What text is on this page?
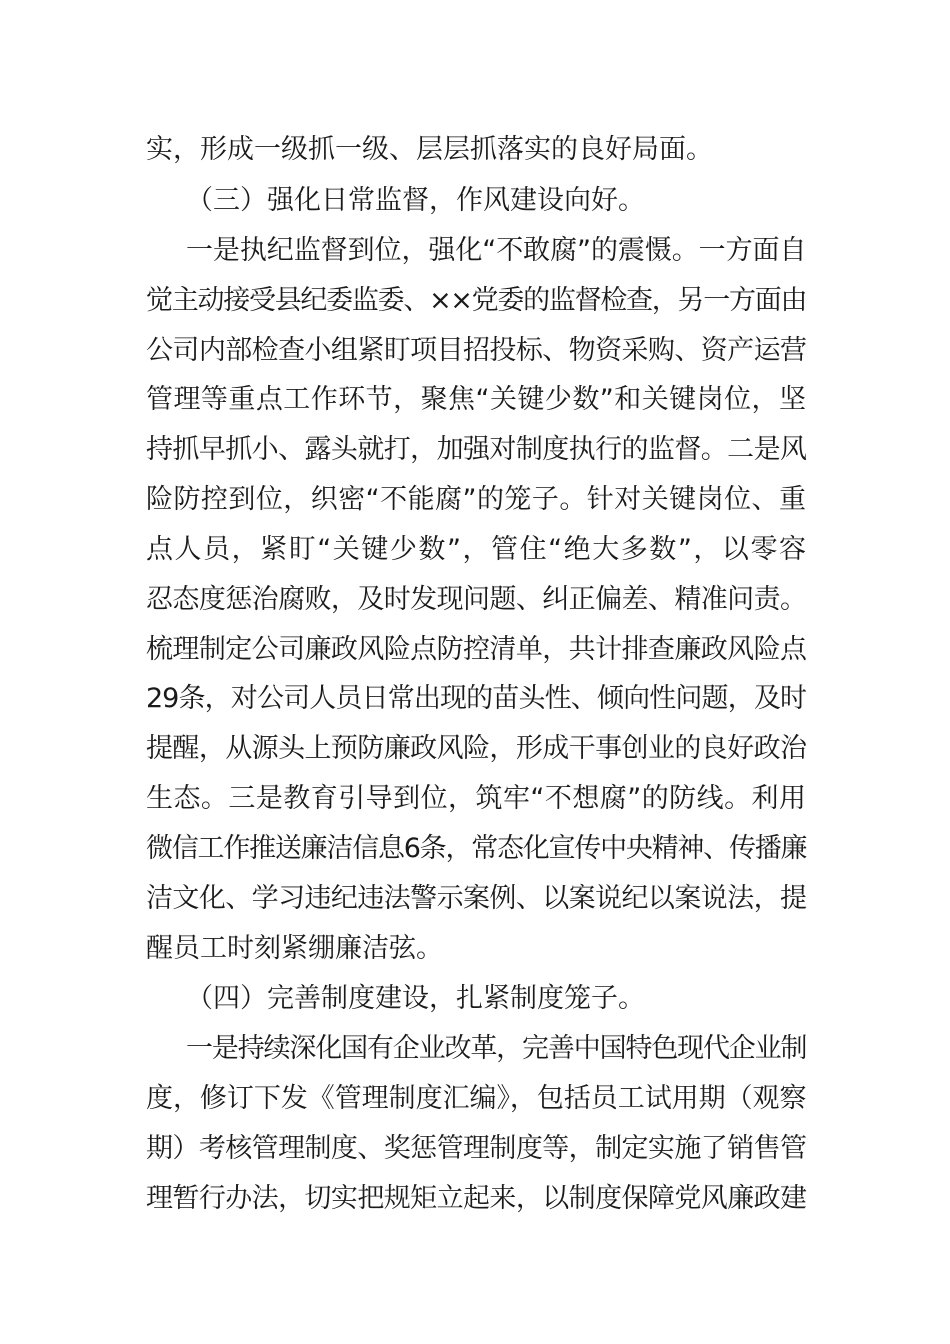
实，形成一级抓一级、层层抓落实的良好局面。
（三）强化日常监督，作风建设向好。
一是执纪监督到位，强化“不敢腐”的震慑。一方面自
觉主动接受县纪委监委、××党委的监督检查，另一方面由
公司内部检查小组紧盯项目招投标、物资采购、资产运营
管理等重点工作环节，聚焦“关键少数”和关键岗位，坚
持抓早抓小、露头就打，加强对制度执行的监督。二是风
险防控到位，织密“不能腐”的笼子。针对关键岗位、重
点人员，紧盯“关键少数”，管住“绝大多数”，以零容
忍态度惩治腐败，及时发现问题、纠正偏差、精准问责。
梳理制定公司廉政风险点防控清单，共计排查廉政风险点
29条，对公司人员日常出现的苗头性、倾向性问题，及时
提醒，从源头上预防廉政风险，形成干事创业的良好政治
生态。三是教育引导到位，筑牢“不想腐”的防线。利用
微信工作推送廉洁信息6条，常态化宣传中央精神、传播廉
洁文化、学习违纪违法警示案例、以案说纪以案说法，提
醒员工时刻紧绷廉洁弦。
（四）完善制度建设，扎紧制度笼子。
一是持续深化国有企业改革，完善中国特色现代企业制
度，修订下发《管理制度汇编》，包括员工试用期（观察
期）考核管理制度、奖惩管理制度等，制定实施了销售管
理暂行办法，切实把规矩立起来，以制度保障党风廉政建
